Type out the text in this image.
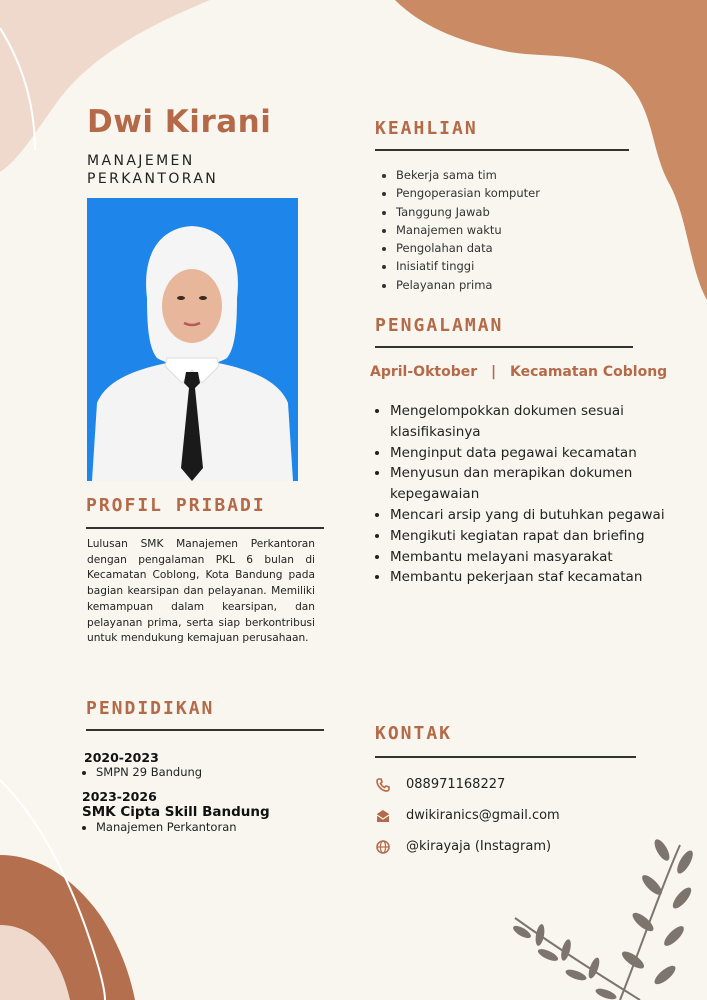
Dwi Kirani
MANAJEMEN PERKANTORAN
PROFIL PRIBADI
Lulusan SMK Manajemen Perkantoran dengan pengalaman PKL 6 bulan di Kecamatan Coblong, Kota Bandung pada bagian kearsipan dan pelayanan. Memiliki kemampuan dalam kearsipan, dan pelayanan prima, serta siap berkontribusi untuk mendukung kemajuan perusahaan.
PENDIDIKAN
2020-2023
• SMPN 29 Bandung
2023-2026
SMK Cipta Skill Bandung
• Manajemen Perkantoran
KEAHLIAN
• Bekerja sama tim
• Pengoperasian komputer
• Tanggung Jawab
• Manajemen waktu
• Pengolahan data
• Inisiatif tinggi
• Pelayanan prima
PENGALAMAN
April-Oktober | Kecamatan Coblong
• Mengelompokkan dokumen sesuai klasifikasinya
• Menginput data pegawai kecamatan
• Menyusun dan merapikan dokumen kepegawaian
• Mencari arsip yang di butuhkan pegawai
• Mengikuti kegiatan rapat dan briefing
• Membantu melayani masyarakat
• Membantu pekerjaan staf kecamatan
KONTAK
088971168227
dwikiranics@gmail.com
@kirayaja (Instagram)
